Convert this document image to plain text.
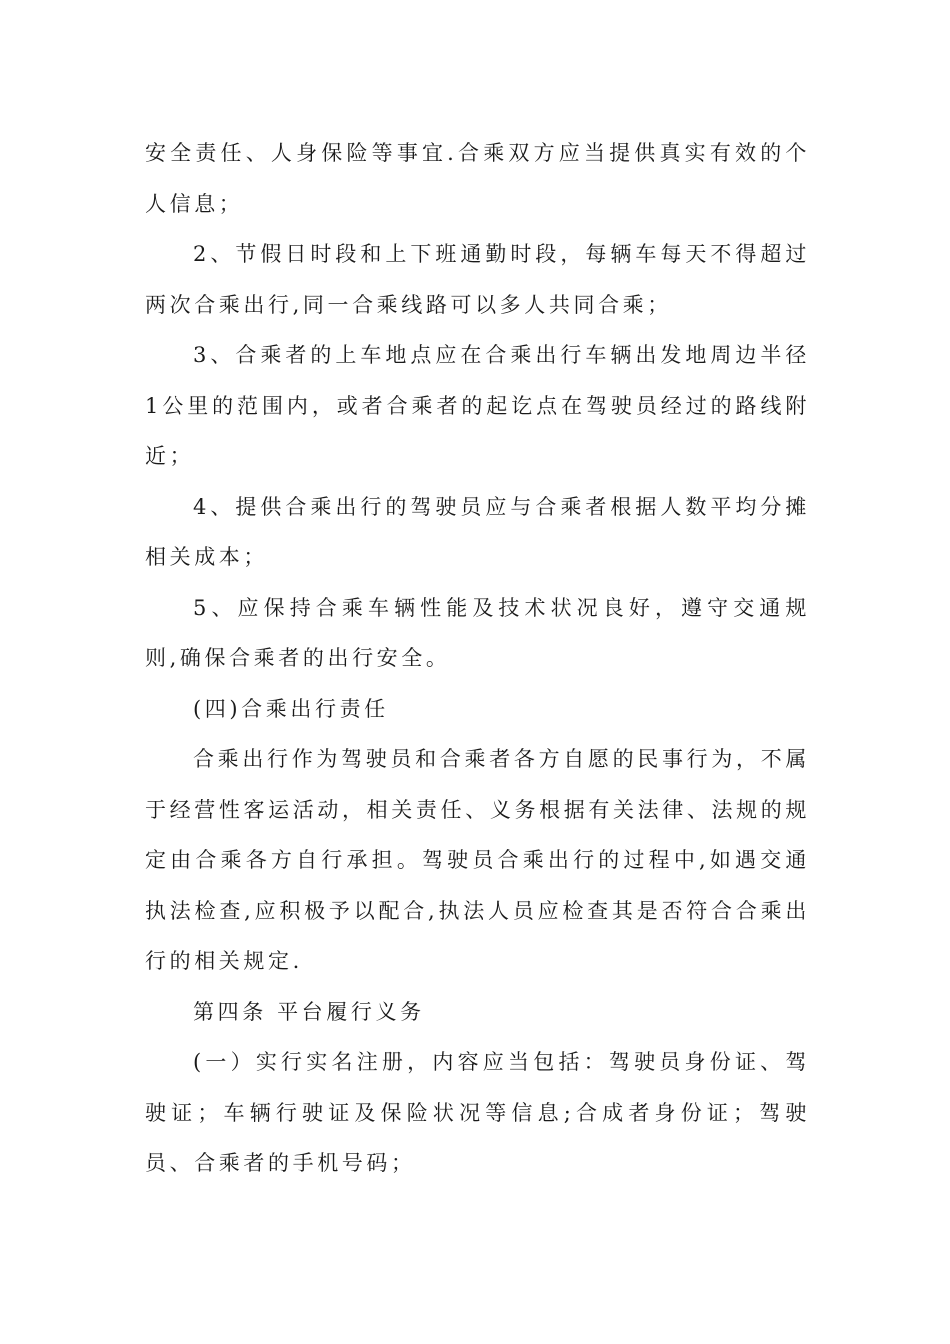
安全责任、人身保险等事宜.合乘双方应当提供真实有效的个人信息；

2、节假日时段和上下班通勤时段，每辆车每天不得超过两次合乘出行,同一合乘线路可以多人共同合乘；

3、合乘者的上车地点应在合乘出行车辆出发地周边半径1公里的范围内，或者合乘者的起讫点在驾驶员经过的路线附近；

4、提供合乘出行的驾驶员应与合乘者根据人数平均分摊相关成本；

5、应保持合乘车辆性能及技术状况良好，遵守交通规则,确保合乘者的出行安全。

(四)合乘出行责任

合乘出行作为驾驶员和合乘者各方自愿的民事行为，不属于经营性客运活动，相关责任、义务根据有关法律、法规的规定由合乘各方自行承担。驾驶员合乘出行的过程中,如遇交通执法检查,应积极予以配合,执法人员应检查其是否符合合乘出行的相关规定.

第四条 平台履行义务

(一）实行实名注册，内容应当包括：驾驶员身份证、驾驶证；车辆行驶证及保险状况等信息;合成者身份证；驾驶员、合乘者的手机号码；
